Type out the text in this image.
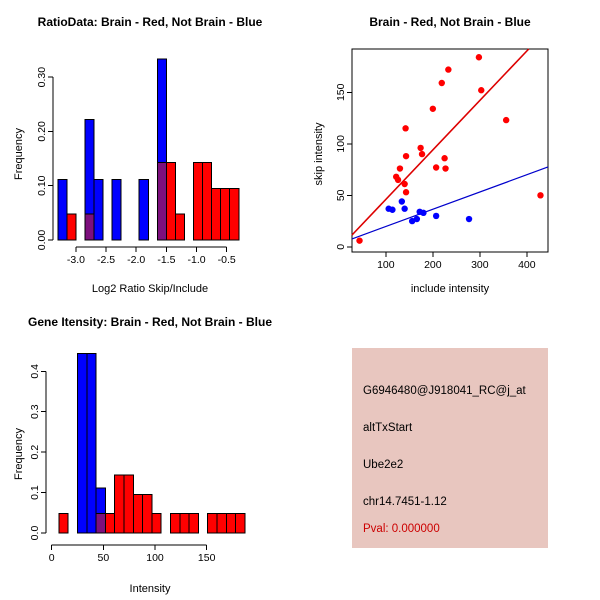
0.00
0.10
0.20
0.30
-3.0 -2.5 -2.0 -1.5 -1.0 -0.5
RatioData: Brain - Red, Not Brain - Blue
Log2 Ratio Skip/Include
Frequency
0
50
100
150
100	200	300	400
Brain - Red, Not Brain - Blue
include intensity
skip intensity
0.0
0.1
0.2
0.3
0.4
0	50	100	150
Gene Itensity: Brain - Red, Not Brain - Blue
Intensity
Frequency
G6946480@J918041_RC@j_at
altTxStart
Ube2e2
chr14.7451-1.12
Pval: 0.000000
